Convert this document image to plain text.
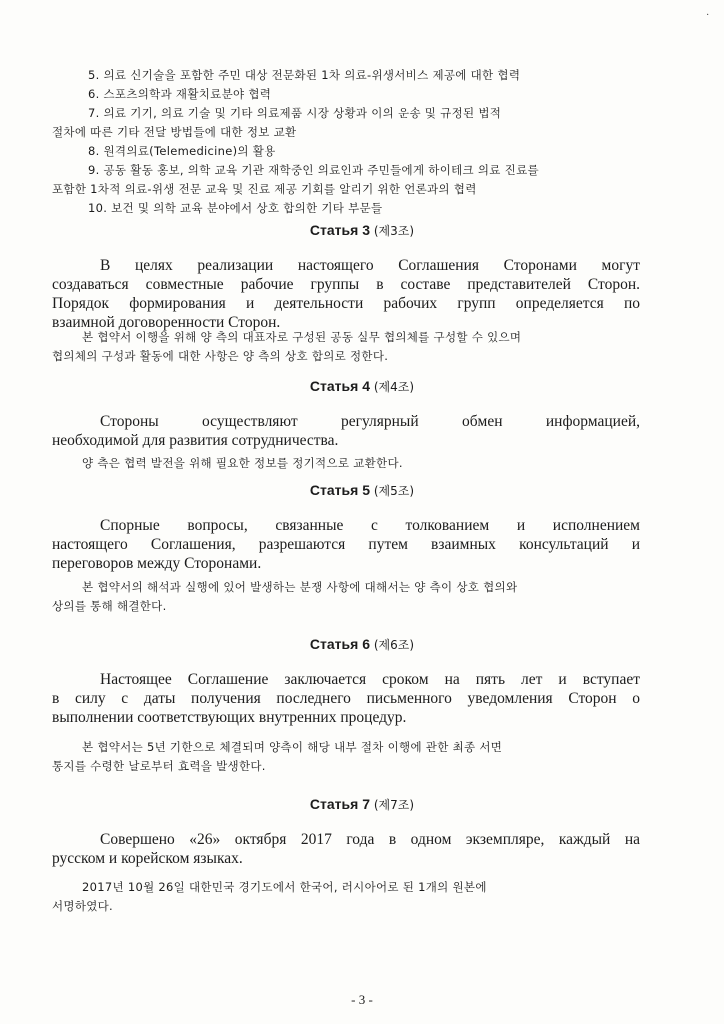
·
5. 의료 신기술을 포함한 주민 대상 전문화된 1차 의료-위생서비스 제공에 대한 협력
6. 스포츠의학과 재활치료분야 협력
7. 의료 기기, 의료 기술 및 기타 의료제품 시장 상황과 이의 운송 및 규정된 법적
절차에 따른 기타 전달 방법들에 대한 정보 교환
8. 원격의료(Telemedicine)의 활용
9. 공동 활동 홍보, 의학 교육 기관 재학중인 의료인과 주민들에게 하이테크 의료 진료를
포함한 1차적 의료-위생 전문 교육 및 진료 제공 기회를 알리기 위한 언론과의 협력
10. 보건 및 의학 교육 분야에서 상호 합의한 기타 부문들
Статья 3 (제3조)
В целях реализации настоящего Соглашения Сторонами могут
создаваться совместные рабочие группы в составе представителей Сторон.
Порядок формирования и деятельности рабочих групп определяется по
взаимной договоренности Сторон.
본 협약서 이행을 위해 양 측의 대표자로 구성된 공동 실무 협의체를 구성할 수 있으며
협의체의 구성과 활동에 대한 사항은 양 측의 상호 합의로 정한다.
Статья 4 (제4조)
Стороны осуществляют регулярный обмен информацией,
необходимой для развития сотрудничества.
양 측은 협력 발전을 위해 필요한 정보를 정기적으로 교환한다.
Статья 5 (제5조)
Спорные вопросы, связанные с толкованием и исполнением
настоящего Соглашения, разрешаются путем взаимных консультаций и
переговоров между Сторонами.
본 협약서의 해석과 실행에 있어 발생하는 분쟁 사항에 대해서는 양 측이 상호 협의와
상의를 통해 해결한다.
Статья 6 (제6조)
Настоящее Соглашение заключается сроком на пять лет и вступает
в силу с даты получения последнего письменного уведомления Сторон о
выполнении соответствующих внутренних процедур.
본 협약서는 5년 기한으로 체결되며 양측이 해당 내부 절차 이행에 관한 최종 서면
통지를 수령한 날로부터 효력을 발생한다.
Статья 7 (제7조)
Совершено «26» октября 2017 года в одном экземпляре, каждый на
русском и корейском языках.
2017년 10월 26일 대한민국 경기도에서 한국어, 러시아어로 된 1개의 원본에
서명하였다.
- 3 -
